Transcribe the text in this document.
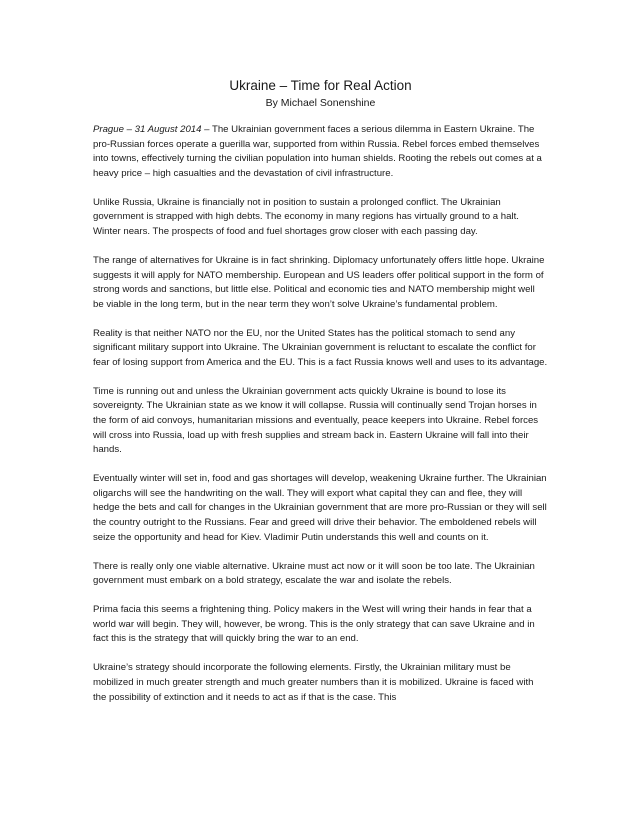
Ukraine – Time for Real Action
By Michael Sonenshine

Prague – 31 August 2014 – The Ukrainian government faces a serious dilemma in Eastern Ukraine. The pro-Russian forces operate a guerilla war, supported from within Russia. Rebel forces embed themselves into towns, effectively turning the civilian population into human shields. Rooting the rebels out comes at a heavy price – high casualties and the devastation of civil infrastructure.

Unlike Russia, Ukraine is financially not in position to sustain a prolonged conflict. The Ukrainian government is strapped with high debts. The economy in many regions has virtually ground to a halt. Winter nears. The prospects of food and fuel shortages grow closer with each passing day.

The range of alternatives for Ukraine is in fact shrinking. Diplomacy unfortunately offers little hope. Ukraine suggests it will apply for NATO membership. European and US leaders offer political support in the form of strong words and sanctions, but little else. Political and economic ties and NATO membership might well be viable in the long term, but in the near term they won’t solve Ukraine’s fundamental problem.

Reality is that neither NATO nor the EU, nor the United States has the political stomach to send any significant military support into Ukraine. The Ukrainian government is reluctant to escalate the conflict for fear of losing support from America and the EU. This is a fact Russia knows well and uses to its advantage.

Time is running out and unless the Ukrainian government acts quickly Ukraine is bound to lose its sovereignty. The Ukrainian state as we know it will collapse. Russia will continually send Trojan horses in the form of aid convoys, humanitarian missions and eventually, peace keepers into Ukraine. Rebel forces will cross into Russia, load up with fresh supplies and stream back in. Eastern Ukraine will fall into their hands.

Eventually winter will set in, food and gas shortages will develop, weakening Ukraine further. The Ukrainian oligarchs will see the handwriting on the wall. They will export what capital they can and flee, they will hedge the bets and call for changes in the Ukrainian government that are more pro-Russian or they will sell the country outright to the Russians. Fear and greed will drive their behavior. The emboldened rebels will seize the opportunity and head for Kiev. Vladimir Putin understands this well and counts on it.

There is really only one viable alternative. Ukraine must act now or it will soon be too late. The Ukrainian government must embark on a bold strategy, escalate the war and isolate the rebels.

Prima facia this seems a frightening thing. Policy makers in the West will wring their hands in fear that a world war will begin. They will, however, be wrong. This is the only strategy that can save Ukraine and in fact this is the strategy that will quickly bring the war to an end.

Ukraine’s strategy should incorporate the following elements. Firstly, the Ukrainian military must be mobilized in much greater strength and much greater numbers than it is mobilized. Ukraine is faced with the possibility of extinction and it needs to act as if that is the case. This
